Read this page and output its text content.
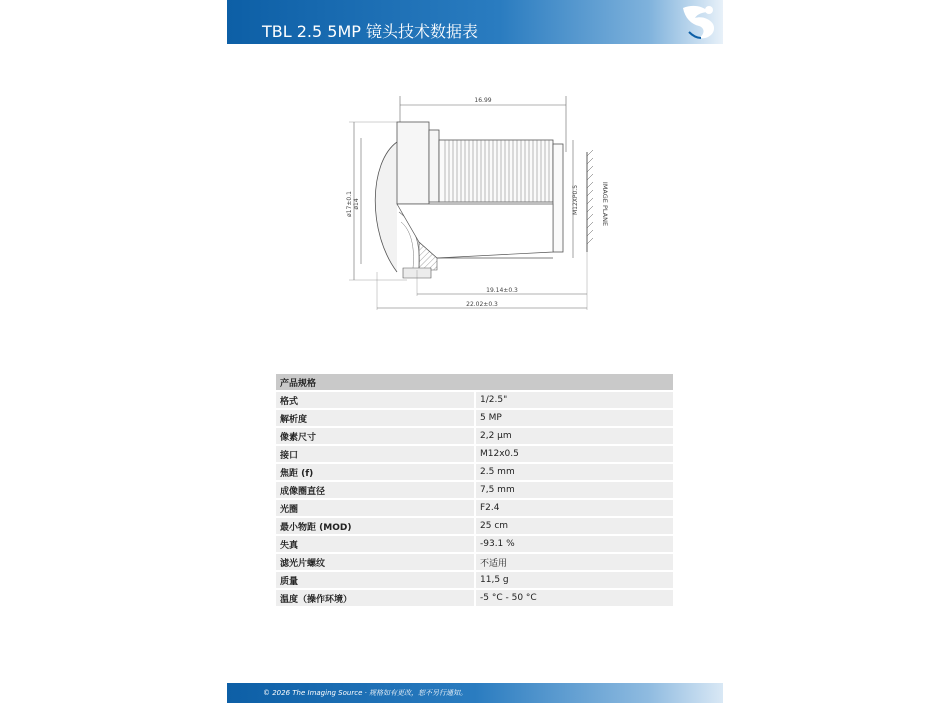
TBL 2.5 5MP 镜头技术数据表
16.99
ø17±0.1 ø14	M12XP0.5	IMAGE PLANE
19.14±0.3
22.02±0.3
产品规格	
格式	1/2.5"
解析度	5 MP
像素尺寸	2,2 µm
接口	M12x0.5
焦距 (f)	2.5 mm
成像圈直径	7,5 mm
光圈	F2.4
最小物距 (MOD)	25 cm
失真	-93.1 %
滤光片螺纹	不适用
质量	11,5 g
温度（操作环境）	-5 °C - 50 °C
© 2026 The Imaging Source · 规格如有更改，恕不另行通知。
